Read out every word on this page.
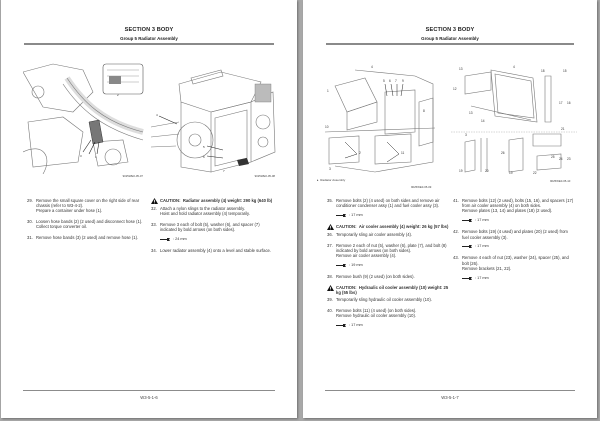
SECTION 3 BODY
Group 5 Radiator Assembly
3	1
2
9025WE0-05-07
4
5
6
7
9025WE0-05-08
29. Remove the small square cover on the right side of rear chassis (refer to W3-4-2).
Prepare a container under hose (1).
30. Loosen hose bands (2) (2 used) and disconnect hose (1).
Collect torque converter oil.
31. Remove hose bands (3) (2 used) and remove hose (1).
CAUTION: Radiator assembly (4) weight: 290 kg (640 lb)
32. Attach a nylon slings to the radiator assembly.
Hoist and hold radiator assembly (4) temporarily.
33. Remove 3 each of bolt (5), washer (6), and spacer (7) indicated by bold arrows (on both sides).
: 24 mm
34. Lower radiator assembly (4) onto a level and stable surface.
W3-5-1-6
SECTION 3 BODY
Group 5 Radiator Assembly
1
4
5 6 7 9
8
10
2	11
3
▸  Radiator Assembly
9025WE0-05-09
13
12
4
18	15
17 16
13
14
3
21
26
25 24 23
19	20	19	22
9025WE0-05-10
35. Remove bolts (2) (4 used) on both sides and remove air conditioner condenser assy (1) and fuel cooler assy (3).
: 17 mm
CAUTION: Air cooler assembly (4) weight: 26 kg (57 lbs)
36. Temporarily sling air cooler assembly (4).
37. Remove 2 each of nut (5), washer (6), plate (7), and bolt (8) indicated by bold arrows (on both sides).
Remove air cooler assembly (4).
: 19 mm
38. Remove bush (9) (2 used) (on both sides).
CAUTION: Hydraulic oil cooler assembly (10) weight: 25 kg (55 lbs)
39. Temporarily sling hydraulic oil cooler assembly (10).
40. Remove bolts (11) (4 used) (on both sides).
Remove hydraulic oil cooler assembly (10).
: 17 mm
41. Remove bolts (12) (2 used), bolts (15, 16), and spacers (17) from air cooler assembly (4) on both sides.
Remove plates (13, 14) and plates (18) (2 used).
: 17 mm
42. Remove bolts (19) (4 used) and plates (20) (2 used) from fuel cooler assembly (3).
: 17 mm
43. Remove 4 each of nut (23), washer (24), spacer (25), and bolt (26).
Remove brackets (21, 22).
: 17 mm
W3-5-1-7
